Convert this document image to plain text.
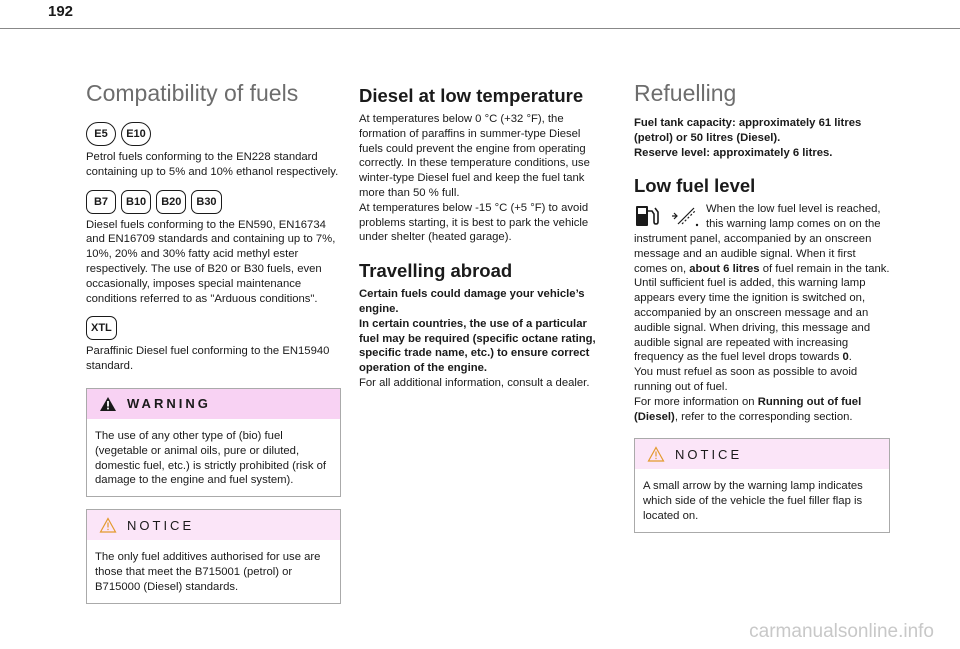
192
Compatibility of fuels
E5	E10

Petrol fuels conforming to the EN228 standard containing up to 5% and 10% ethanol respectively.

B7	B10	B20	B30

Diesel fuels conforming to the EN590, EN16734 and EN16709 standards and containing up to 7%, 10%, 20% and 30% fatty acid methyl ester respectively. The use of B20 or B30 fuels, even occasionally, imposes special maintenance conditions referred to as "Arduous conditions".

XTL

Paraffinic Diesel fuel conforming to the EN15940 standard.

WARNING
The use of any other type of (bio) fuel (vegetable or animal oils, pure or diluted, domestic fuel, etc.) is strictly prohibited (risk of damage to the engine and fuel system).
NOTICE
The only fuel additives authorised for use are those that meet the B715001 (petrol) or B715000 (Diesel) standards.
Diesel at low temperature

At temperatures below 0 °C (+32 °F), the formation of paraffins in summer-type Diesel fuels could prevent the engine from operating correctly. In these temperature conditions, use winter-type Diesel fuel and keep the fuel tank more than 50 % full.

At temperatures below -15 °C (+5 °F) to avoid problems starting, it is best to park the vehicle under shelter (heated garage).

Travelling abroad

Certain fuels could damage your vehicle’s engine.

In certain countries, the use of a particular fuel may be required (specific octane rating, specific trade name, etc.) to ensure correct operation of the engine.

For all additional information, consult a dealer.

Refuelling

Fuel tank capacity: approximately 61 litres (petrol) or 50 litres (Diesel).

Reserve level: approximately 6 litres.

Low fuel level

When the low fuel level is reached, this warning lamp comes on on the instrument panel, accompanied by an onscreen message and an audible signal. When it first comes on, about 6 litres of fuel remain in the tank.

Until sufficient fuel is added, this warning lamp appears every time the ignition is switched on, accompanied by an onscreen message and an audible signal. When driving, this message and audible signal are repeated with increasing frequency as the fuel level drops towards 0.

You must refuel as soon as possible to avoid running out of fuel.

For more information on Running out of fuel (Diesel), refer to the corresponding section.

NOTICE
A small arrow by the warning lamp indicates which side of the vehicle the fuel filler flap is located on.
carmanualsonline.info
